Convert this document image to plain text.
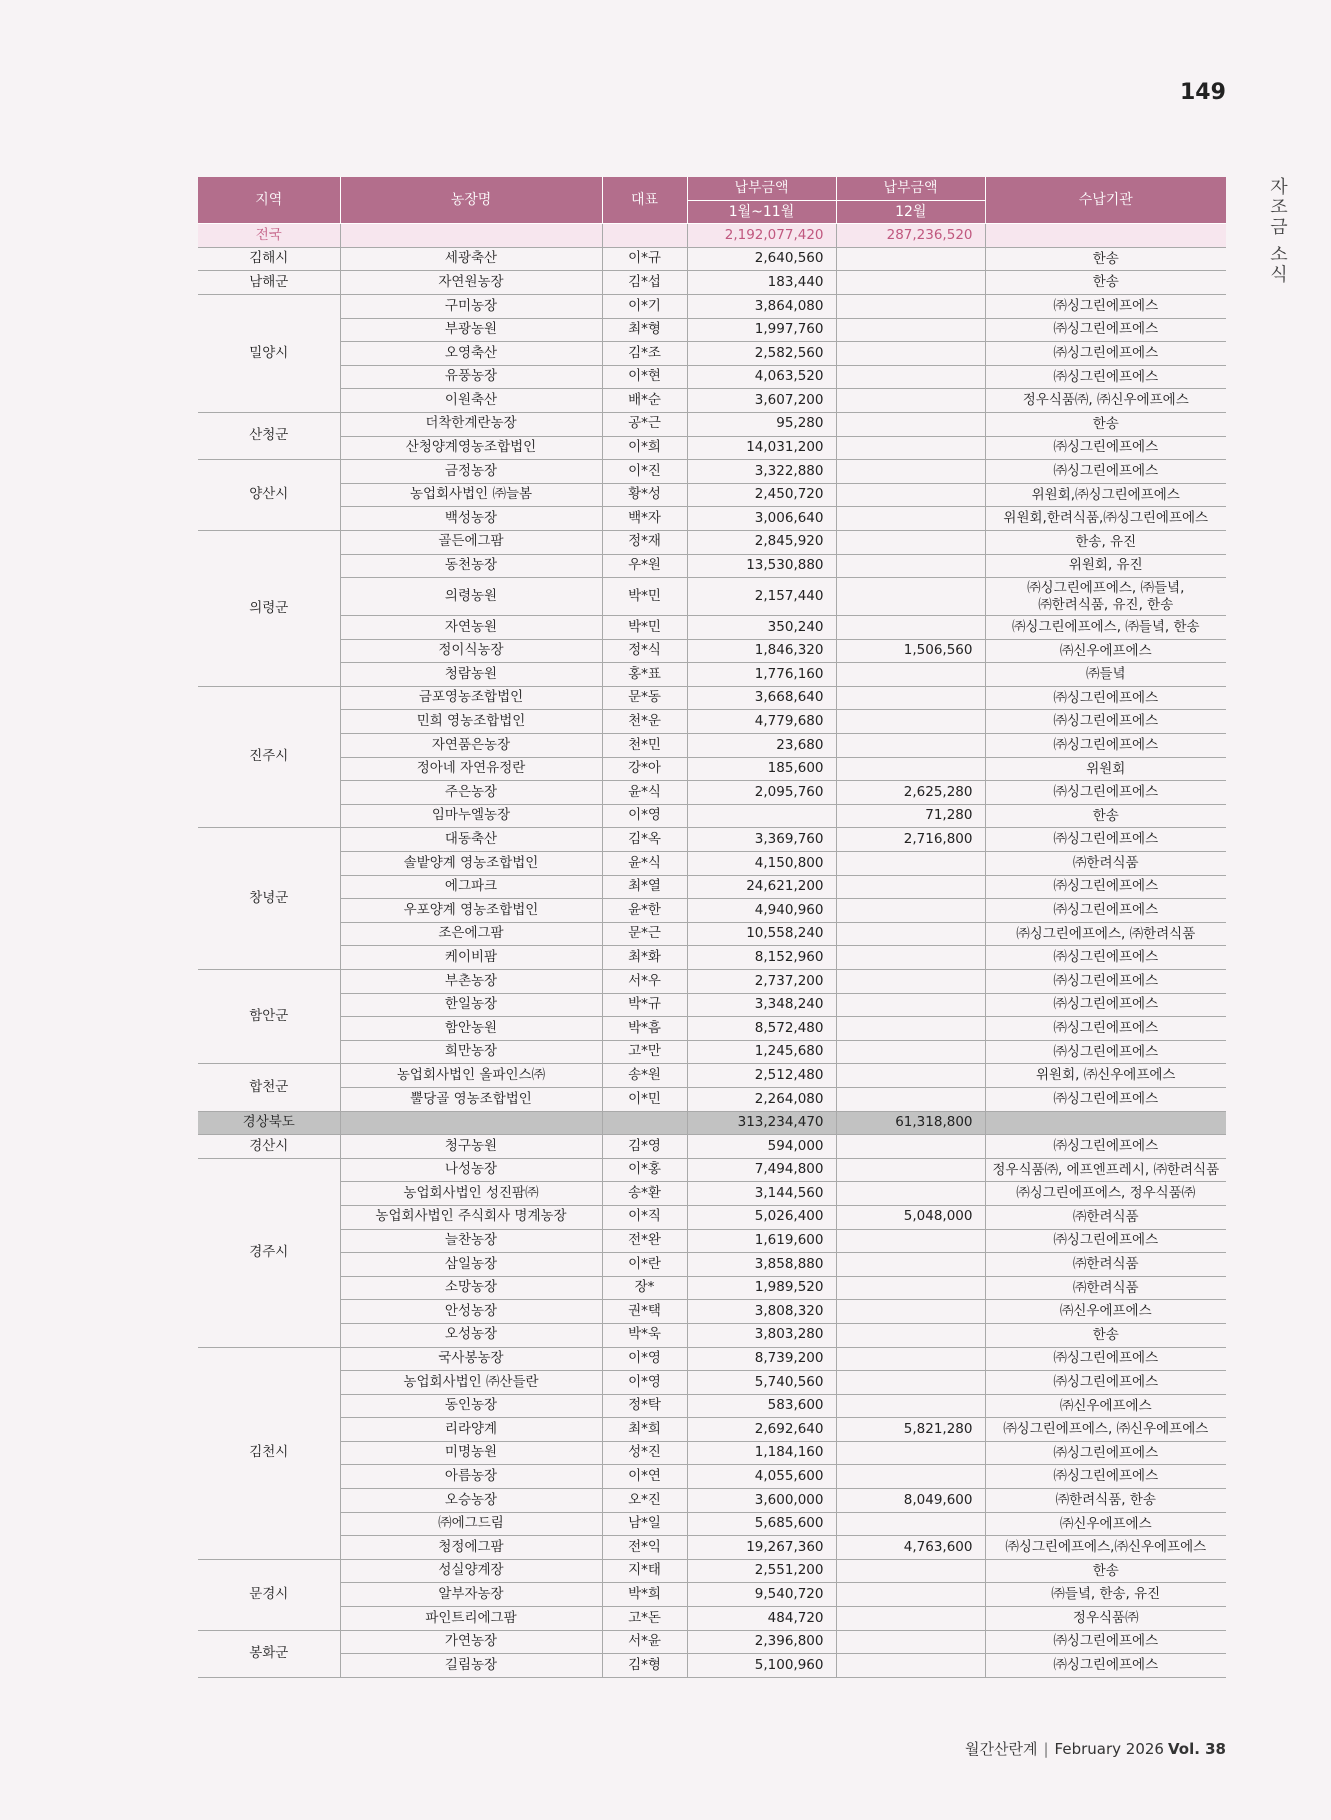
149
자조금 소식
지역	농장명	대표	납부금액	납부금액	수납기관
			1월~11월	12월	
전국			2,192,077,420	287,236,520	
김해시	세광축산	이*규	2,640,560		한송
남해군	자연원농장	김*섭	183,440		한송
밀양시	구미농장	이*기	3,864,080		㈜싱그린에프에스
	부광농원	최*형	1,997,760		㈜싱그린에프에스
	오영축산	김*조	2,582,560		㈜싱그린에프에스
	유풍농장	이*현	4,063,520		㈜싱그린에프에스
	이원축산	배*순	3,607,200		정우식품㈜, ㈜신우에프에스
산청군	더착한계란농장	공*근	95,280		한송
	산청양계영농조합법인	이*희	14,031,200		㈜싱그린에프에스
양산시	금정농장	이*진	3,322,880		㈜싱그린에프에스
	농업회사법인 ㈜늘봄	황*성	2,450,720		위원회,㈜싱그린에프에스
	백성농장	백*자	3,006,640		위원회,한려식품,㈜싱그린에프에스
의령군	골든에그팜	정*재	2,845,920		한송, 유진
	동천농장	우*원	13,530,880		위원회, 유진
	의령농원	박*민	2,157,440		㈜싱그린에프에스, ㈜들녘,
㈜한려식품, 유진, 한송
	자연농원	박*민	350,240		㈜싱그린에프에스, ㈜들녘, 한송
	정이식농장	정*식	1,846,320	1,506,560	㈜신우에프에스
	청람농원	홍*표	1,776,160		㈜들녘
진주시	금포영농조합법인	문*동	3,668,640		㈜싱그린에프에스
	민희 영농조합법인	천*운	4,779,680		㈜싱그린에프에스
	자연품은농장	천*민	23,680		㈜싱그린에프에스
	정아네 자연유정란	강*아	185,600		위원회
	주은농장	윤*식	2,095,760	2,625,280	㈜싱그린에프에스
	임마누엘농장	이*영		71,280	한송
창녕군	대동축산	김*옥	3,369,760	2,716,800	㈜싱그린에프에스
	솔밭양계 영농조합법인	윤*식	4,150,800		㈜한려식품
	에그파크	최*열	24,621,200		㈜싱그린에프에스
	우포양계 영농조합법인	윤*한	4,940,960		㈜싱그린에프에스
	조은에그팜	문*근	10,558,240		㈜싱그린에프에스, ㈜한려식품
	케이비팜	최*화	8,152,960		㈜싱그린에프에스
함안군	부촌농장	서*우	2,737,200		㈜싱그린에프에스
	한일농장	박*규	3,348,240		㈜싱그린에프에스
	함안농원	박*흠	8,572,480		㈜싱그린에프에스
	희만농장	고*만	1,245,680		㈜싱그린에프에스
합천군	농업회사법인 올파인스㈜	송*원	2,512,480		위원회, ㈜신우에프에스
	뿔당골 영농조합법인	이*민	2,264,080		㈜싱그린에프에스
경상북도			313,234,470	61,318,800	
경산시	청구농원	김*영	594,000		㈜싱그린에프에스
경주시	나성농장	이*홍	7,494,800		정우식품㈜, 에프엔프레시, ㈜한려식품
	농업회사법인 성진팜㈜	송*환	3,144,560		㈜싱그린에프에스, 정우식품㈜
	농업회사법인 주식회사 명계농장	이*직	5,026,400	5,048,000	㈜한려식품
	늘찬농장	전*완	1,619,600		㈜싱그린에프에스
	삼일농장	이*란	3,858,880		㈜한려식품
	소망농장	장*	1,989,520		㈜한려식품
	안성농장	권*택	3,808,320		㈜신우에프에스
	오성농장	박*욱	3,803,280		한송
김천시	국사봉농장	이*영	8,739,200		㈜싱그린에프에스
	농업회사법인 ㈜산들란	이*영	5,740,560		㈜싱그린에프에스
	동인농장	정*탁	583,600		㈜신우에프에스
	리라양계	최*희	2,692,640	5,821,280	㈜싱그린에프에스, ㈜신우에프에스
	미명농원	성*진	1,184,160		㈜싱그린에프에스
	아름농장	이*연	4,055,600		㈜싱그린에프에스
	오승농장	오*진	3,600,000	8,049,600	㈜한려식품, 한송
	㈜에그드림	남*일	5,685,600		㈜신우에프에스
	청정에그팜	전*익	19,267,360	4,763,600	㈜싱그린에프에스,㈜신우에프에스
문경시	성실양계장	지*태	2,551,200		한송
	알부자농장	박*희	9,540,720		㈜들녘, 한송, 유진
	파인트리에그팜	고*돈	484,720		정우식품㈜
봉화군	가연농장	서*윤	2,396,800		㈜싱그린에프에스
	길림농장	김*형	5,100,960		㈜싱그린에프에스
월간산란계 | February 2026 Vol. 38
